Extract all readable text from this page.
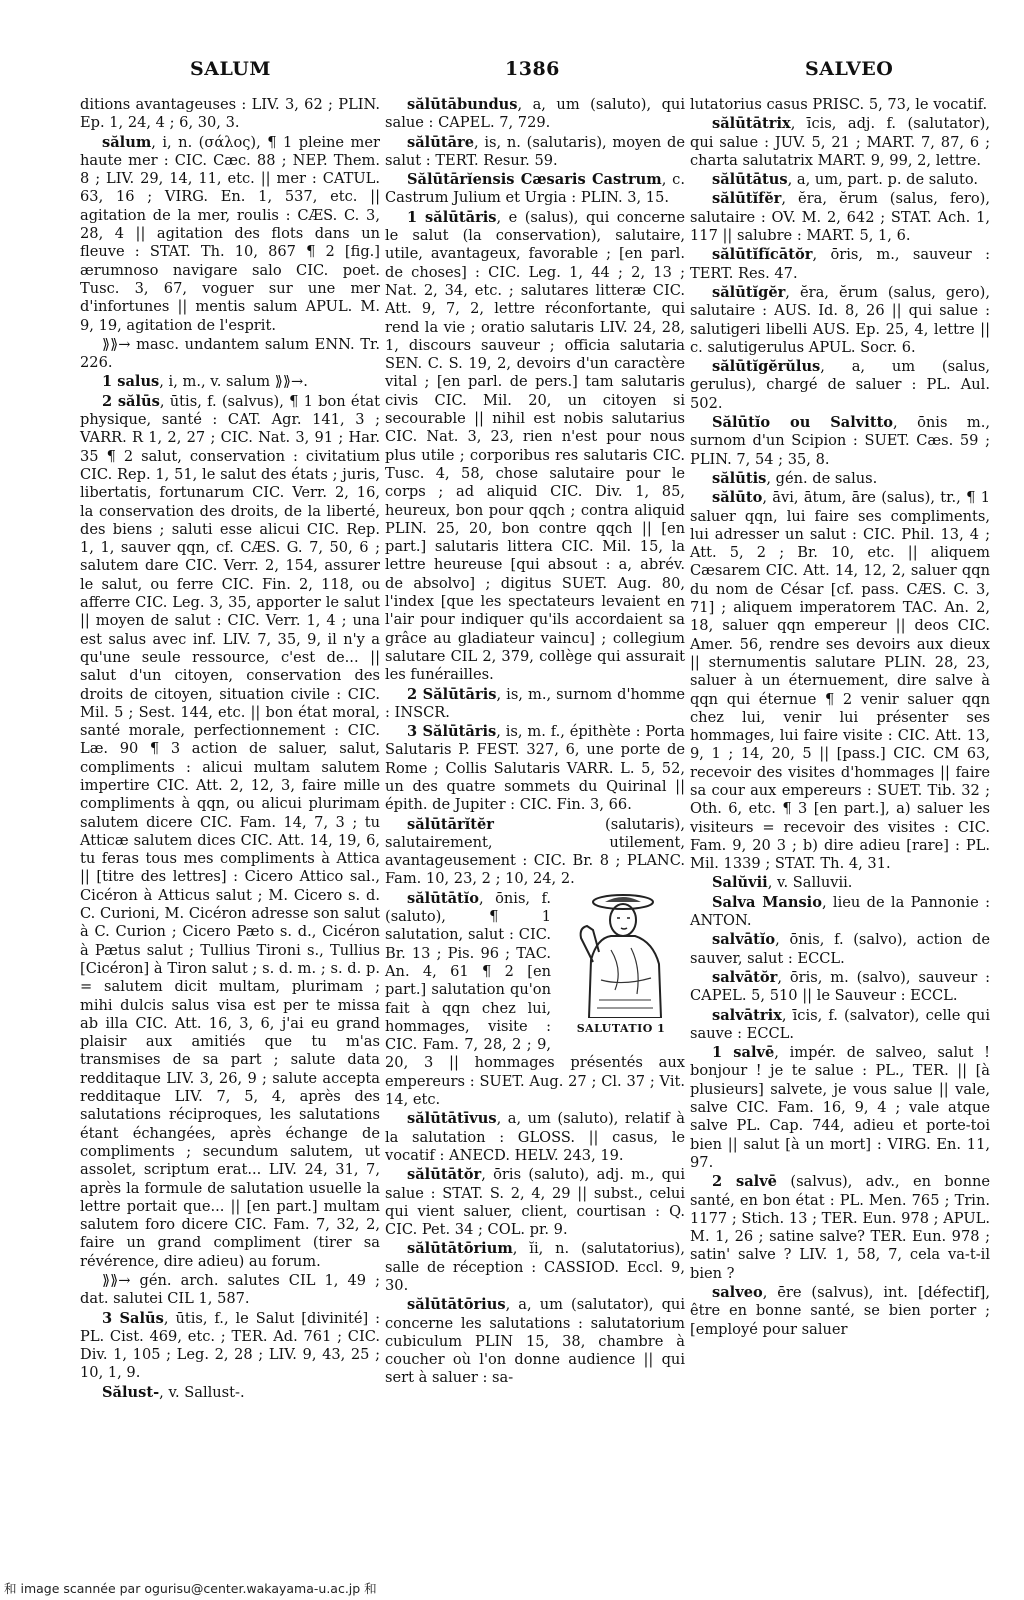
SALUM	1386	SALVEO

ditions avantageuses : LIV. 3, 62 ; PLIN. Ep. 1, 24, 4 ; 6, 30, 3.

sălum, i, n. (σάλος), ¶ 1 pleine mer haute mer : CIC. Cæc. 88 ; NEP. Them. 8 ; LIV. 29, 14, 11, etc. || mer : CATUL. 63, 16 ; VIRG. En. 1, 537, etc. || agitation de la mer, roulis : CÆS. C. 3, 28, 4 || agitation des flots dans un fleuve : STAT. Th. 10, 867 ¶ 2 [fig.] ærumnoso navigare salo CIC. poet. Tusc. 3, 67, voguer sur une mer d'infortunes || mentis salum APUL. M. 9, 19, agitation de l'esprit.

⟫⟫→ masc. undantem salum ENN. Tr. 226.

1 salus, i, m., v. salum ⟫⟫→.

2 sălūs, ūtis, f. (salvus), ¶ 1 bon état physique, santé : CAT. Agr. 141, 3 ; VARR. R 1, 2, 27 ; CIC. Nat. 3, 91 ; Har. 35 ¶ 2 salut, conservation : civitatium CIC. Rep. 1, 51, le salut des états ; juris, libertatis, fortunarum CIC. Verr. 2, 16, la conservation des droits, de la liberté, des biens ; saluti esse alicui CIC. Rep. 1, 1, sauver qqn, cf. CÆS. G. 7, 50, 6 ; salutem dare CIC. Verr. 2, 154, assurer le salut, ou ferre CIC. Fin. 2, 118, ou afferre CIC. Leg. 3, 35, apporter le salut || moyen de salut : CIC. Verr. 1, 4 ; una est salus avec inf. LIV. 7, 35, 9, il n'y a qu'une seule ressource, c'est de... || salut d'un citoyen, conservation des droits de citoyen, situation civile : CIC. Mil. 5 ; Sest. 144, etc. || bon état moral, santé morale, perfectionnement : CIC. Læ. 90 ¶ 3 action de saluer, salut, compliments : alicui multam salutem impertire CIC. Att. 2, 12, 3, faire mille compliments à qqn, ou alicui plurimam salutem dicere CIC. Fam. 14, 7, 3 ; tu Atticæ salutem dices CIC. Att. 14, 19, 6, tu feras tous mes compliments à Attica || [titre des lettres] : Cicero Attico sal., Cicéron à Atticus salut ; M. Cicero s. d. C. Curioni, M. Cicéron adresse son salut à C. Curion ; Cicero Pæto s. d., Cicéron à Pætus salut ; Tullius Tironi s., Tullius [Cicéron] à Tiron salut ; s. d. m. ; s. d. p. = salutem dicit multam, plurimam ; mihi dulcis salus visa est per te missa ab illa CIC. Att. 16, 3, 6, j'ai eu grand plaisir aux amitiés que tu m'as transmises de sa part ; salute data redditaque LIV. 3, 26, 9 ; salute accepta redditaque LIV. 7, 5, 4, après des salutations réciproques, les salutations étant échangées, après échange de compliments ; secundum salutem, ut assolet, scriptum erat... LIV. 24, 31, 7, après la formule de salutation usuelle la lettre portait que... || [en part.] multam salutem foro dicere CIC. Fam. 7, 32, 2, faire un grand compliment (tirer sa révérence, dire adieu) au forum.

⟫⟫→ gén. arch. salutes CIL 1, 49 ; dat. salutei CIL 1, 587.

3 Salūs, ūtis, f., le Salut [divinité] : PL. Cist. 469, etc. ; TER. Ad. 761 ; CIC. Div. 1, 105 ; Leg. 2, 28 ; LIV. 9, 43, 25 ; 10, 1, 9.

Sălust-, v. Sallust-.

sălūtābundus, a, um (saluto), qui salue : CAPEL. 7, 729.

sălūtāre, is, n. (salutaris), moyen de salut : TERT. Resur. 59.

Sălūtārĭensis Cæsaris Castrum, c. Castrum Julium et Urgia : PLIN. 3, 15.

1 sălūtāris, e (salus), qui concerne le salut (la conservation), salutaire, utile, avantageux, favorable ; [en parl. de choses] : CIC. Leg. 1, 44 ; 2, 13 ; Nat. 2, 34, etc. ; salutares litteræ CIC. Att. 9, 7, 2, lettre réconfortante, qui rend la vie ; oratio salutaris LIV. 24, 28, 1, discours sauveur ; officia salutaria SEN. C. S. 19, 2, devoirs d'un caractère vital ; [en parl. de pers.] tam salutaris civis CIC. Mil. 20, un citoyen si secourable || nihil est nobis salutarius CIC. Nat. 3, 23, rien n'est pour nous plus utile ; corporibus res salutaris CIC. Tusc. 4, 58, chose salutaire pour le corps ; ad aliquid CIC. Div. 1, 85, heureux, bon pour qqch ; contra aliquid PLIN. 25, 20, bon contre qqch || [en part.] salutaris littera CIC. Mil. 15, la lettre heureuse [qui absout : a, abrév. de absolvo] ; digitus SUET. Aug. 80, l'index [que les spectateurs levaient en l'air pour indiquer qu'ils accordaient sa grâce au gladiateur vaincu] ; collegium salutare CIL 2, 379, collège qui assurait les funérailles.

2 Sălūtāris, is, m., surnom d'homme : INSCR.

3 Sălūtāris, is, m. f., épithète : Porta Salutaris P. FEST. 327, 6, une porte de Rome ; Collis Salutaris VARR. L. 5, 52, un des quatre sommets du Quirinal || épith. de Jupiter : CIC. Fin. 3, 66.

sălūtārĭtĕr (salutaris), salutairement, utilement, avantageusement : CIC. Br. 8 ; PLANC. Fam. 10, 23, 2 ; 10, 24, 2.

SALUTATIO 1

sălūtātĭo, ōnis, f. (saluto), ¶ 1 salutation, salut : CIC. Br. 13 ; Pis. 96 ; TAC. An. 4, 61 ¶ 2 [en part.] salutation qu'on fait à qqn chez lui, hommages, visite : CIC. Fam. 7, 28, 2 ; 9, 20, 3 || hommages présentés aux empereurs : SUET. Aug. 27 ; Cl. 37 ; Vit. 14, etc.

sălūtātīvus, a, um (saluto), relatif à la salutation : GLOSS. || casus, le vocatif : ANECD. HELV. 243, 19.

sălūtātŏr, ōris (saluto), adj. m., qui salue : STAT. S. 2, 4, 29 || subst., celui qui vient saluer, client, courtisan : Q. CIC. Pet. 34 ; COL. pr. 9.

sălūtātōrium, ĭi, n. (salutatorius), salle de réception : CASSIOD. Eccl. 9, 30.

sălūtātōrius, a, um (salutator), qui concerne les salutations : salutatorium cubiculum PLIN 15, 38, chambre à coucher où l'on donne audience || qui sert à saluer : sa-

lutatorius casus PRISC. 5, 73, le vocatif.

sălūtātrix, īcis, adj. f. (salutator), qui salue : JUV. 5, 21 ; MART. 7, 87, 6 ; charta salutatrix MART. 9, 99, 2, lettre.

sălūtātus, a, um, part. p. de saluto.

sălūtĭfĕr, ĕra, ĕrum (salus, fero), salutaire : OV. M. 2, 642 ; STAT. Ach. 1, 117 || salubre : MART. 5, 1, 6.

sălūtĭfĭcātŏr, ōris, m., sauveur : TERT. Res. 47.

sălūtĭgĕr, ĕra, ĕrum (salus, gero), salutaire : AUS. Id. 8, 26 || qui salue : salutigeri libelli AUS. Ep. 25, 4, lettre || c. salutigerulus APUL. Socr. 6.

sălūtĭgĕrŭlus, a, um (salus, gerulus), chargé de saluer : PL. Aul. 502.

Sălūtĭo ou Salvitto, ōnis m., surnom d'un Scipion : SUET. Cæs. 59 ; PLIN. 7, 54 ; 35, 8.

sălūtis, gén. de salus.

sălūto, āvi, ātum, āre (salus), tr., ¶ 1 saluer qqn, lui faire ses compliments, lui adresser un salut : CIC. Phil. 13, 4 ; Att. 5, 2 ; Br. 10, etc. || aliquem Cæsarem CIC. Att. 14, 12, 2, saluer qqn du nom de César [cf. pass. CÆS. C. 3, 71] ; aliquem imperatorem TAC. An. 2, 18, saluer qqn empereur || deos CIC. Amer. 56, rendre ses devoirs aux dieux || sternumentis salutare PLIN. 28, 23, saluer à un éternuement, dire salve à qqn qui éternue ¶ 2 venir saluer qqn chez lui, venir lui présenter ses hommages, lui faire visite : CIC. Att. 13, 9, 1 ; 14, 20, 5 || [pass.] CIC. CM 63, recevoir des visites d'hommages || faire sa cour aux empereurs : SUET. Tib. 32 ; Oth. 6, etc. ¶ 3 [en part.], a) saluer les visiteurs = recevoir des visites : CIC. Fam. 9, 20 3 ; b) dire adieu [rare] : PL. Mil. 1339 ; STAT. Th. 4, 31.

Salŭvii, v. Salluvii.

Salva Mansio, lieu de la Pannonie : ANTON.

salvātĭo, ōnis, f. (salvo), action de sauver, salut : ECCL.

salvātŏr, ōris, m. (salvo), sauveur : CAPEL. 5, 510 || le Sauveur : ECCL.

salvātrix, īcis, f. (salvator), celle qui sauve : ECCL.

1 salvē, impér. de salveo, salut ! bonjour ! je te salue : PL., TER. || [à plusieurs] salvete, je vous salue || vale, salve CIC. Fam. 16, 9, 4 ; vale atque salve PL. Cap. 744, adieu et porte-toi bien || salut [à un mort] : VIRG. En. 11, 97.

2 salvē (salvus), adv., en bonne santé, en bon état : PL. Men. 765 ; Trin. 1177 ; Stich. 13 ; TER. Eun. 978 ; APUL. M. 1, 26 ; satine salve? TER. Eun. 978 ; satin' salve ? LIV. 1, 58, 7, cela va-t-il bien ?

salveo, ēre (salvus), int. [défectif], être en bonne santé, se bien porter ; [employé pour saluer

和 image scannée par ogurisu@center.wakayama-u.ac.jp 和
